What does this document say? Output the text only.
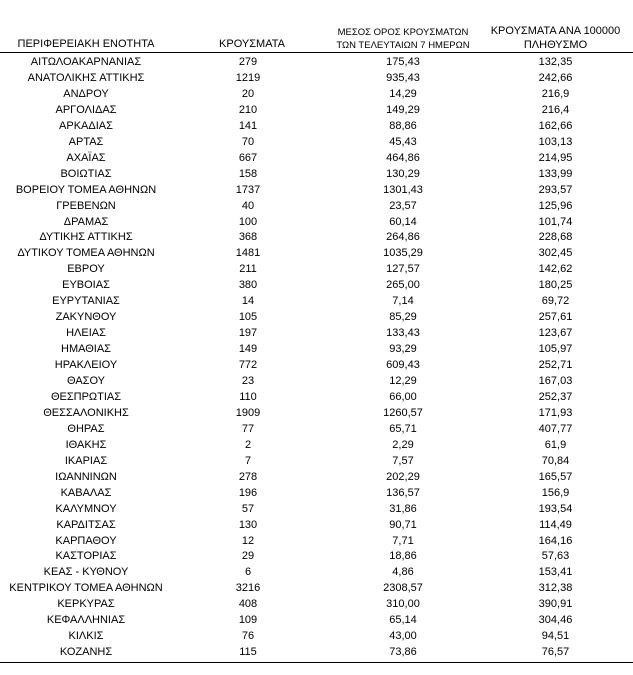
ΠΕΡΙΦΕΡΕΙΑΚΗ ΕΝΟΤΗΤΑ	ΚΡΟΥΣΜΑΤΑ
ΜΕΣΟΣ ΟΡΟΣ ΚΡΟΥΣΜΑΤΩΝ
ΤΩΝ ΤΕΛΕΥΤΑΙΩΝ 7 ΗΜΕΡΩΝ
ΚΡΟΥΣΜΑΤΑ ΑΝΑ 100000
ΠΛΗΘΥΣΜΟ
ΑΙΤΩΛΟΑΚΑΡΝΑΝΙΑΣ	279	175,43	132,35
ΑΝΑΤΟΛΙΚΗΣ ΑΤΤΙΚΗΣ	1219	935,43	242,66
ΑΝΔΡΟΥ	20	14,29	216,9
ΑΡΓΟΛΙΔΑΣ	210	149,29	216,4
ΑΡΚΑΔΙΑΣ	141	88,86	162,66
ΑΡΤΑΣ	70	45,43	103,13
ΑΧΑΪΑΣ	667	464,86	214,95
ΒΟΙΩΤΙΑΣ	158	130,29	133,99
ΒΟΡΕΙΟΥ ΤΟΜΕΑ ΑΘΗΝΩΝ	1737	1301,43	293,57
ΓΡΕΒΕΝΩΝ	40	23,57	125,96
ΔΡΑΜΑΣ	100	60,14	101,74
ΔΥΤΙΚΗΣ ΑΤΤΙΚΗΣ	368	264,86	228,68
ΔΥΤΙΚΟΥ ΤΟΜΕΑ ΑΘΗΝΩΝ	1481	1035,29	302,45
ΕΒΡΟΥ	211	127,57	142,62
ΕΥΒΟΙΑΣ	380	265,00	180,25
ΕΥΡΥΤΑΝΙΑΣ	14	7,14	69,72
ΖΑΚΥΝΘΟΥ	105	85,29	257,61
ΗΛΕΙΑΣ	197	133,43	123,67
ΗΜΑΘΙΑΣ	149	93,29	105,97
ΗΡΑΚΛΕΙΟΥ	772	609,43	252,71
ΘΑΣΟΥ	23	12,29	167,03
ΘΕΣΠΡΩΤΙΑΣ	110	66,00	252,37
ΘΕΣΣΑΛΟΝΙΚΗΣ	1909	1260,57	171,93
ΘΗΡΑΣ	77	65,71	407,77
ΙΘΑΚΗΣ	2	2,29	61,9
ΙΚΑΡΙΑΣ	7	7,57	70,84
ΙΩΑΝΝΙΝΩΝ	278	202,29	165,57
ΚΑΒΑΛΑΣ	196	136,57	156,9
ΚΑΛΥΜΝΟΥ	57	31,86	193,54
ΚΑΡΔΙΤΣΑΣ	130	90,71	114,49
ΚΑΡΠΑΘΟΥ	12	7,71	164,16
ΚΑΣΤΟΡΙΑΣ	29	18,86	57,63
ΚΕΑΣ - ΚΥΘΝΟΥ	6	4,86	153,41
ΚΕΝΤΡΙΚΟΥ ΤΟΜΕΑ ΑΘΗΝΩΝ	3216	2308,57	312,38
ΚΕΡΚΥΡΑΣ	408	310,00	390,91
ΚΕΦΑΛΛΗΝΙΑΣ	109	65,14	304,46
ΚΙΛΚΙΣ	76	43,00	94,51
ΚΟΖΑΝΗΣ	115	73,86	76,57
